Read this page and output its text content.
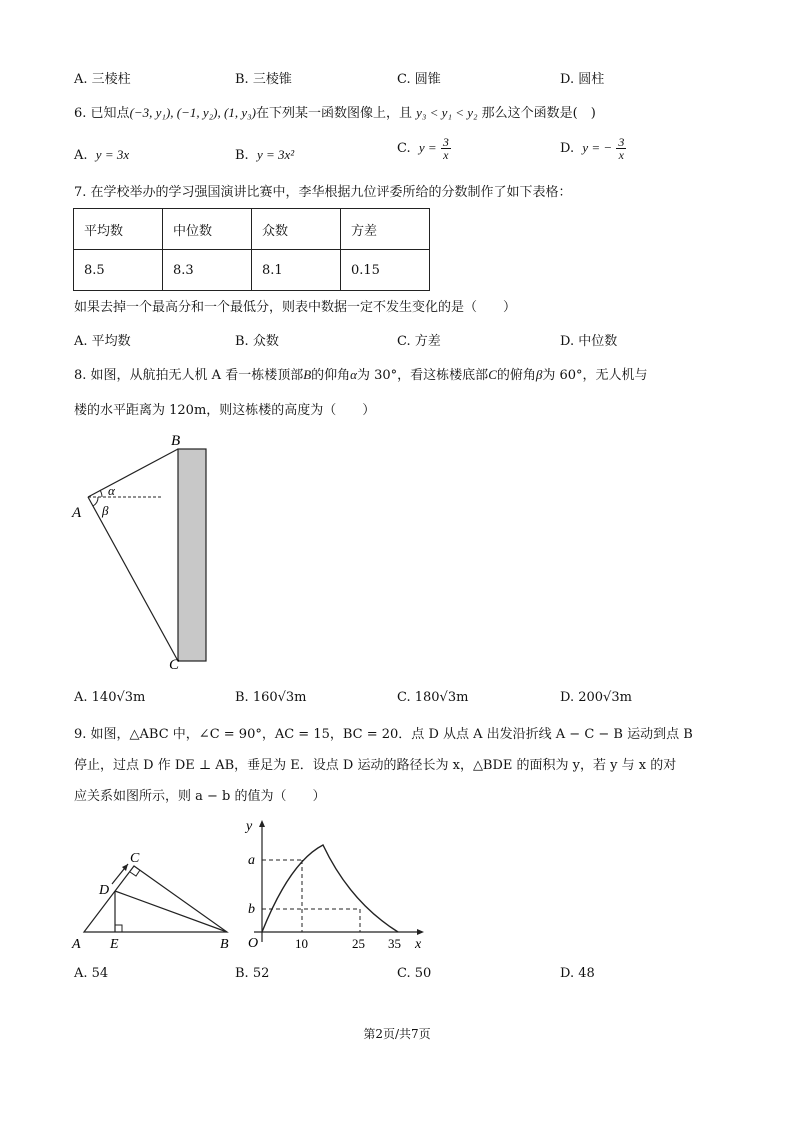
A. 三棱柱	B. 三棱锥	C. 圆锥	D. 圆柱
6. 已知点(−3, y₁), (−1, y₂), (1, y₃)在下列某一函数图像上，且 y₃ < y₁ < y₂ 那么这个函数是(　)
A. y = 3x	B. y = 3x²	C. $y = \frac{3}{x}$	D. y = − $\frac{3}{x}$
7. 在学校举办的学习强国演讲比赛中，李华根据九位评委所给的分数制作了如下表格：
平均数	中位数	众数	方差
8.5	8.3	8.1	0.15
如果去掉一个最高分和一个最低分，则表中数据一定不发生变化的是（　　）
A. 平均数	B. 众数	C. 方差	D. 中位数
8. 如图，从航拍无人机 A 看一栋楼顶部B的仰角α为 30°，看这栋楼底部C的俯角β为 60°，无人机与
楼的水平距离为 120m，则这栋楼的高度为（　　）
B
A
C
α
β
A. 140√3m	B. 160√3m	C. 180√3m	D. 200√3m
9. 如图，△ABC 中，∠C = 90°，AC = 15，BC = 20．点 D 从点 A 出发沿折线 A − C − B 运动到点 B
停止，过点 D 作 DE ⊥ AB，垂足为 E．设点 D 运动的路径长为 x，△BDE 的面积为 y，若 y 与 x 的对
应关系如图所示，则 a − b 的值为（　　）
A E	B
C
D
y
a
b
O	10	25 35 x
A. 54	B. 52	C. 50	D. 48
第2页/共7页
